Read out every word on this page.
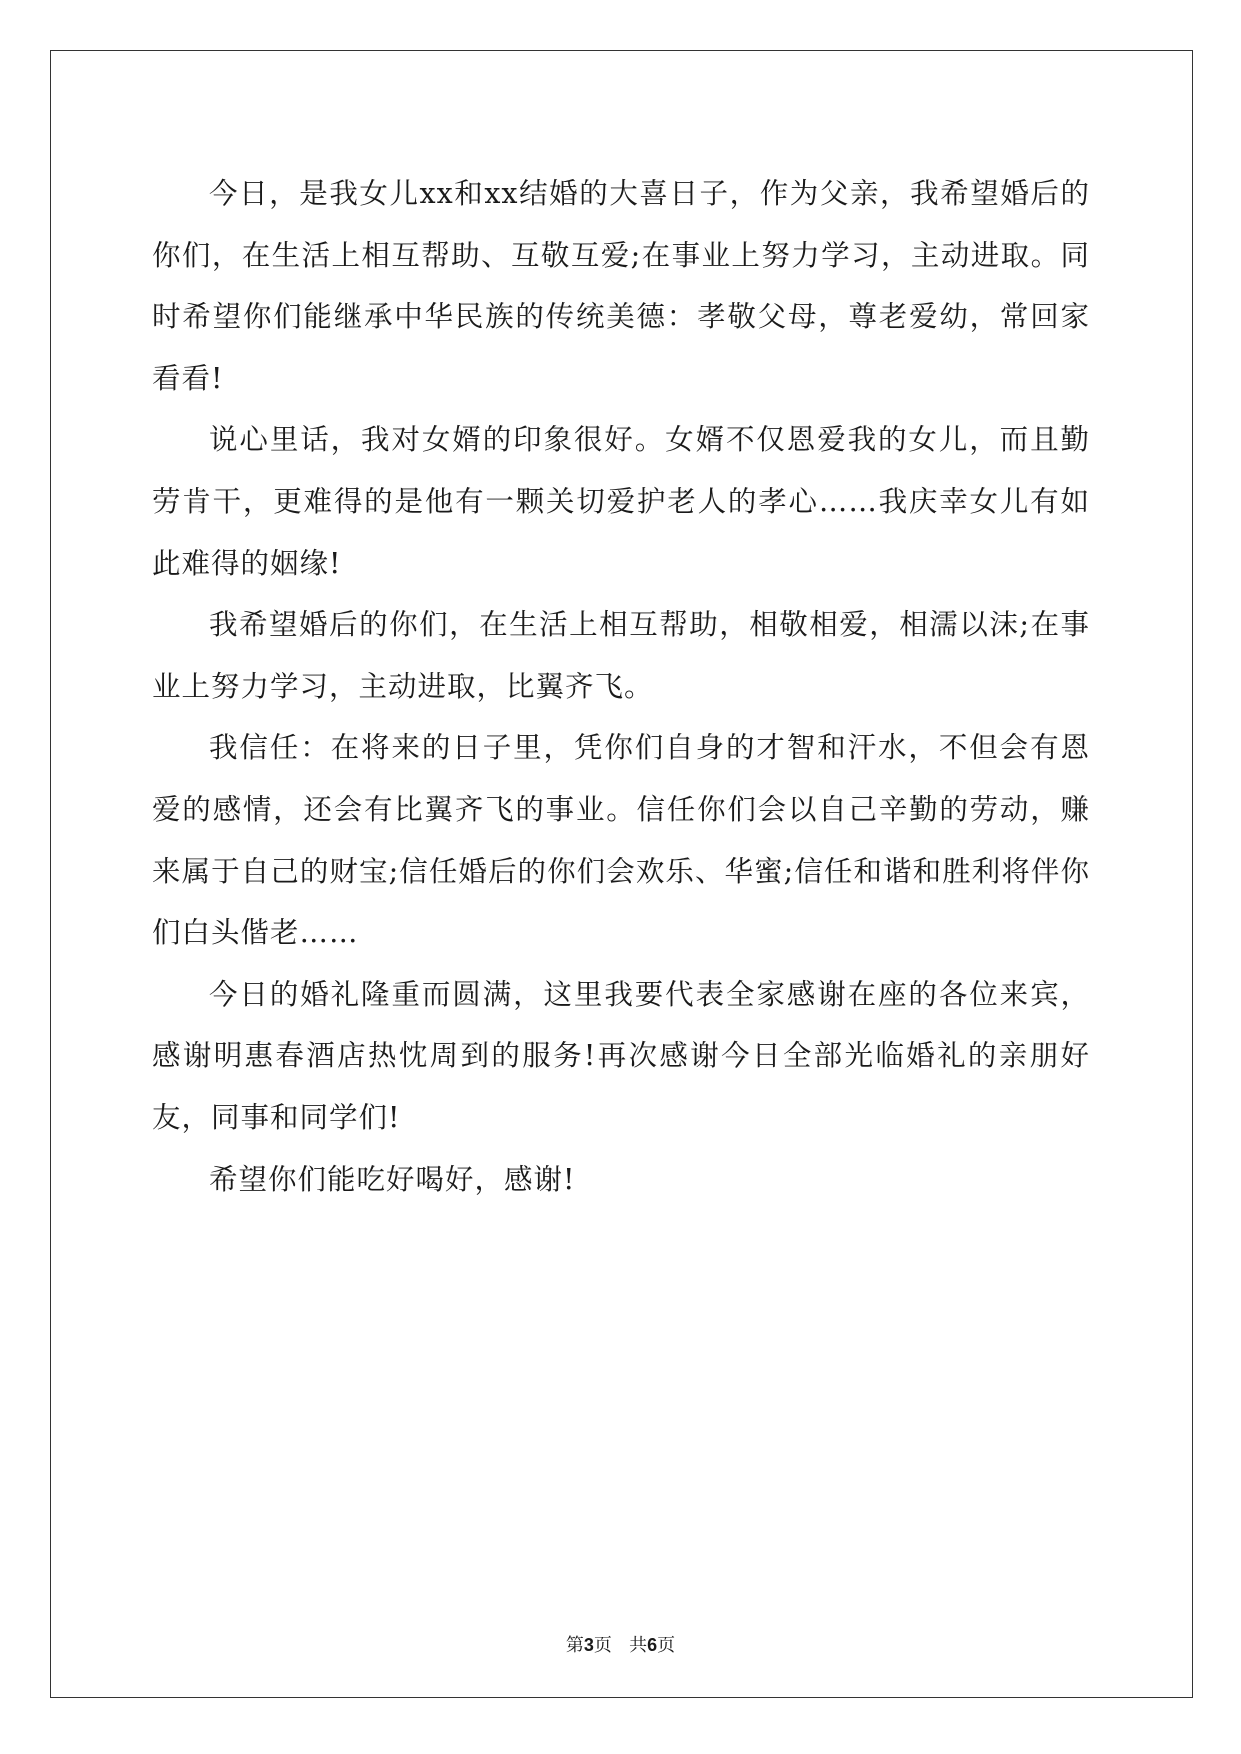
今日，是我女儿xx和xx结婚的大喜日子，作为父亲，我希望婚后的你们，在生活上相互帮助、互敬互爱;在事业上努力学习，主动进取。同时希望你们能继承中华民族的传统美德：孝敬父母，尊老爱幼，常回家看看!

说心里话，我对女婿的印象很好。女婿不仅恩爱我的女儿，而且勤劳肯干，更难得的是他有一颗关切爱护老人的孝心……我庆幸女儿有如此难得的姻缘!

我希望婚后的你们，在生活上相互帮助，相敬相爱，相濡以沫;在事业上努力学习，主动进取，比翼齐飞。

我信任：在将来的日子里，凭你们自身的才智和汗水，不但会有恩爱的感情，还会有比翼齐飞的事业。信任你们会以自己辛勤的劳动，赚来属于自己的财宝;信任婚后的你们会欢乐、华蜜;信任和谐和胜利将伴你们白头偕老……

今日的婚礼隆重而圆满，这里我要代表全家感谢在座的各位来宾，感谢明惠春酒店热忱周到的服务!再次感谢今日全部光临婚礼的亲朋好友，同事和同学们!

希望你们能吃好喝好，感谢!

第3页 共6页
